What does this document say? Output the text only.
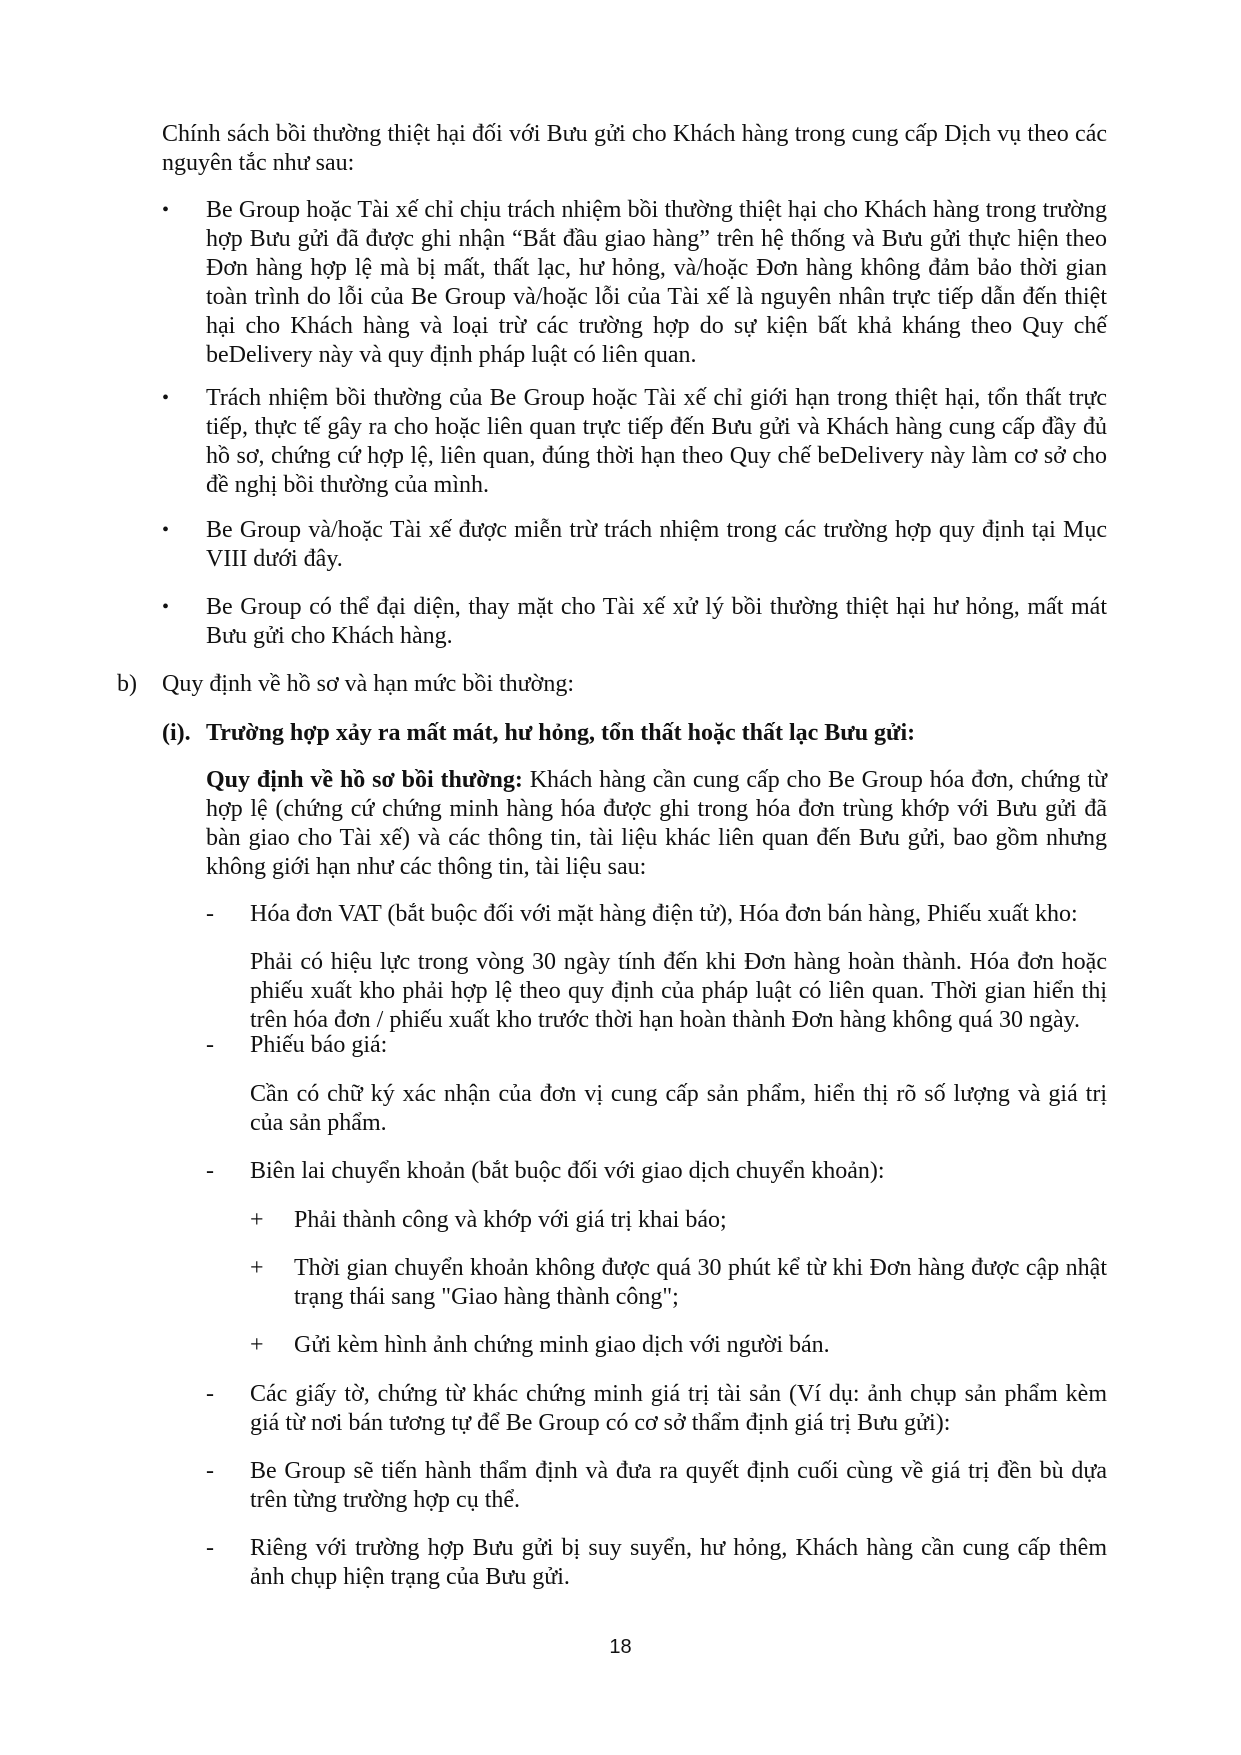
Chính sách bồi thường thiệt hại đối với Bưu gửi cho Khách hàng trong cung cấp Dịch vụ theo các nguyên tắc như sau:

• Be Group hoặc Tài xế chỉ chịu trách nhiệm bồi thường thiệt hại cho Khách hàng trong trường hợp Bưu gửi đã được ghi nhận “Bắt đầu giao hàng” trên hệ thống và Bưu gửi thực hiện theo Đơn hàng hợp lệ mà bị mất, thất lạc, hư hỏng, và/hoặc Đơn hàng không đảm bảo thời gian toàn trình do lỗi của Be Group và/hoặc lỗi của Tài xế là nguyên nhân trực tiếp dẫn đến thiệt hại cho Khách hàng và loại trừ các trường hợp do sự kiện bất khả kháng theo Quy chế beDelivery này và quy định pháp luật có liên quan.

• Trách nhiệm bồi thường của Be Group hoặc Tài xế chỉ giới hạn trong thiệt hại, tổn thất trực tiếp, thực tế gây ra cho hoặc liên quan trực tiếp đến Bưu gửi và Khách hàng cung cấp đầy đủ hồ sơ, chứng cứ hợp lệ, liên quan, đúng thời hạn theo Quy chế beDelivery này làm cơ sở cho đề nghị bồi thường của mình.

• Be Group và/hoặc Tài xế được miễn trừ trách nhiệm trong các trường hợp quy định tại Mục VIII dưới đây.

• Be Group có thể đại diện, thay mặt cho Tài xế xử lý bồi thường thiệt hại hư hỏng, mất mát Bưu gửi cho Khách hàng.

b) Quy định về hồ sơ và hạn mức bồi thường:

(i). Trường hợp xảy ra mất mát, hư hỏng, tổn thất hoặc thất lạc Bưu gửi:

Quy định về hồ sơ bồi thường: Khách hàng cần cung cấp cho Be Group hóa đơn, chứng từ hợp lệ (chứng cứ chứng minh hàng hóa được ghi trong hóa đơn trùng khớp với Bưu gửi đã bàn giao cho Tài xế) và các thông tin, tài liệu khác liên quan đến Bưu gửi, bao gồm nhưng không giới hạn như các thông tin, tài liệu sau:

- Hóa đơn VAT (bắt buộc đối với mặt hàng điện tử), Hóa đơn bán hàng, Phiếu xuất kho:

Phải có hiệu lực trong vòng 30 ngày tính đến khi Đơn hàng hoàn thành. Hóa đơn hoặc phiếu xuất kho phải hợp lệ theo quy định của pháp luật có liên quan. Thời gian hiển thị trên hóa đơn / phiếu xuất kho trước thời hạn hoàn thành Đơn hàng không quá 30 ngày.

- Phiếu báo giá:

Cần có chữ ký xác nhận của đơn vị cung cấp sản phẩm, hiển thị rõ số lượng và giá trị của sản phẩm.

- Biên lai chuyển khoản (bắt buộc đối với giao dịch chuyển khoản):

+ Phải thành công và khớp với giá trị khai báo;

+ Thời gian chuyển khoản không được quá 30 phút kể từ khi Đơn hàng được cập nhật trạng thái sang "Giao hàng thành công";

+ Gửi kèm hình ảnh chứng minh giao dịch với người bán.

- Các giấy tờ, chứng từ khác chứng minh giá trị tài sản (Ví dụ: ảnh chụp sản phẩm kèm giá từ nơi bán tương tự để Be Group có cơ sở thẩm định giá trị Bưu gửi):

- Be Group sẽ tiến hành thẩm định và đưa ra quyết định cuối cùng về giá trị đền bù dựa trên từng trường hợp cụ thể.

- Riêng với trường hợp Bưu gửi bị suy suyển, hư hỏng, Khách hàng cần cung cấp thêm ảnh chụp hiện trạng của Bưu gửi.

18
